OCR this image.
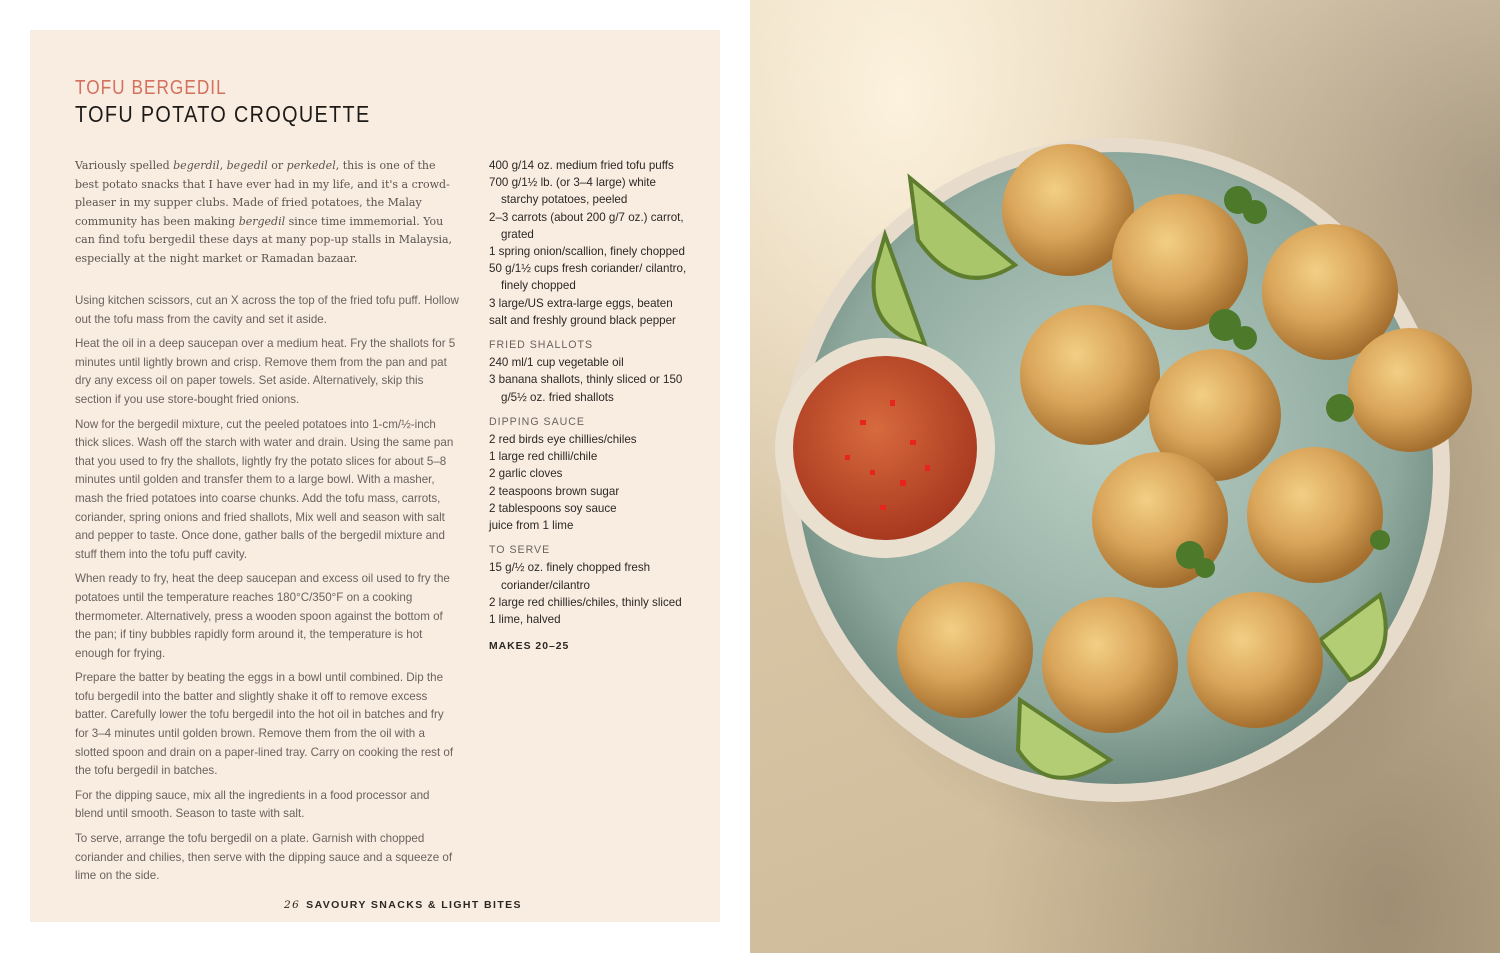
TOFU BERGEDIL
TOFU POTATO CROQUETTE
Variously spelled begerdil, begedil or perkedel, this is one of the best potato snacks that I have ever had in my life, and it's a crowd-pleaser in my supper clubs. Made of fried potatoes, the Malay community has been making bergedil since time immemorial. You can find tofu bergedil these days at many pop-up stalls in Malaysia, especially at the night market or Ramadan bazaar.

Using kitchen scissors, cut an X across the top of the fried tofu puff. Hollow out the tofu mass from the cavity and set it aside.

Heat the oil in a deep saucepan over a medium heat. Fry the shallots for 5 minutes until lightly brown and crisp. Remove them from the pan and pat dry any excess oil on paper towels. Set aside. Alternatively, skip this section if you use store-bought fried onions.

Now for the bergedil mixture, cut the peeled potatoes into 1-cm/½-inch thick slices. Wash off the starch with water and drain. Using the same pan that you used to fry the shallots, lightly fry the potato slices for about 5–8 minutes until golden and transfer them to a large bowl. With a masher, mash the fried potatoes into coarse chunks. Add the tofu mass, carrots, coriander, spring onions and fried shallots, Mix well and season with salt and pepper to taste. Once done, gather balls of the bergedil mixture and stuff them into the tofu puff cavity.

When ready to fry, heat the deep saucepan and excess oil used to fry the potatoes until the temperature reaches 180°C/350°F on a cooking thermometer. Alternatively, press a wooden spoon against the bottom of the pan; if tiny bubbles rapidly form around it, the temperature is hot enough for frying.

Prepare the batter by beating the eggs in a bowl until combined. Dip the tofu bergedil into the batter and slightly shake it off to remove excess batter. Carefully lower the tofu bergedil into the hot oil in batches and fry for 3–4 minutes until golden brown. Remove them from the oil with a slotted spoon and drain on a paper-lined tray. Carry on cooking the rest of the tofu bergedil in batches.

For the dipping sauce, mix all the ingredients in a food processor and blend until smooth. Season to taste with salt.

To serve, arrange the tofu bergedil on a plate. Garnish with chopped coriander and chilies, then serve with the dipping sauce and a squeeze of lime on the side.

400 g/14 oz. medium fried tofu puffs
700 g/1½ lb. (or 3–4 large) white starchy potatoes, peeled
2–3 carrots (about 200 g/7 oz.) carrot, grated
1 spring onion/scallion, finely chopped
50 g/1½ cups fresh coriander/ cilantro, finely chopped
3 large/US extra-large eggs, beaten
salt and freshly ground black pepper
FRIED SHALLOTS
240 ml/1 cup vegetable oil
3 banana shallots, thinly sliced or 150 g/5½ oz. fried shallots
DIPPING SAUCE
2 red birds eye chillies/chiles
1 large red chilli/chile
2 garlic cloves
2 teaspoons brown sugar
2 tablespoons soy sauce
juice from 1 lime
TO SERVE
15 g/½ oz. finely chopped fresh coriander/cilantro
2 large red chillies/chiles, thinly sliced
1 lime, halved
MAKES 20–25
26 SAVOURY SNACKS & LIGHT BITES
